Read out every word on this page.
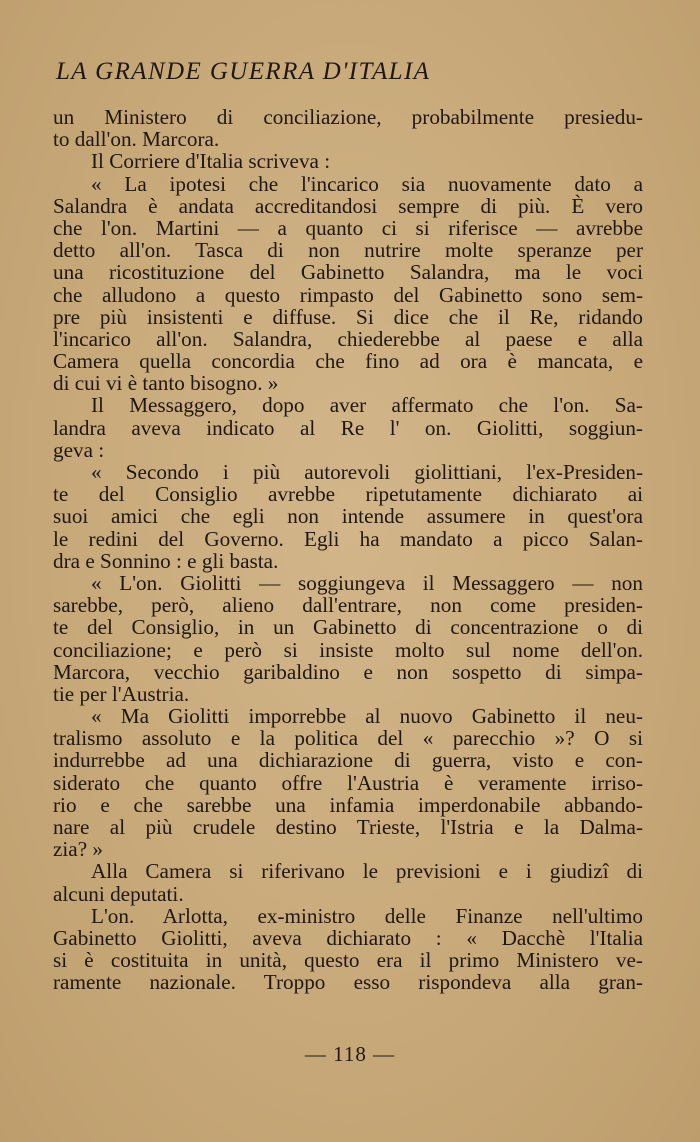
LA GRANDE GUERRA D'ITALIA
un Ministero di conciliazione, probabilmente presiedu-
to dall'on. Marcora.
Il Corriere d'Italia scriveva :
« La ipotesi che l'incarico sia nuovamente dato a
Salandra è andata accreditandosi sempre di più. È vero
che l'on. Martini — a quanto ci si riferisce — avrebbe
detto all'on. Tasca di non nutrire molte speranze per
una ricostituzione del Gabinetto Salandra, ma le voci
che alludono a questo rimpasto del Gabinetto sono sem-
pre più insistenti e diffuse. Si dice che il Re, ridando
l'incarico all'on. Salandra, chiederebbe al paese e alla
Camera quella concordia che fino ad ora è mancata, e
di cui vi è tanto bisogno. »
Il Messaggero, dopo aver affermato che l'on. Sa-
landra aveva indicato al Re l' on. Giolitti, soggiun-
geva :
« Secondo i più autorevoli giolittiani, l'ex-Presiden-
te del Consiglio avrebbe ripetutamente dichiarato ai
suoi amici che egli non intende assumere in quest'ora
le redini del Governo. Egli ha mandato a picco Salan-
dra e Sonnino : e gli basta.
« L'on. Giolitti — soggiungeva il Messaggero — non
sarebbe, però, alieno dall'entrare, non come presiden-
te del Consiglio, in un Gabinetto di concentrazione o di
conciliazione; e però si insiste molto sul nome dell'on.
Marcora, vecchio garibaldino e non sospetto di simpa-
tie per l'Austria.
« Ma Giolitti imporrebbe al nuovo Gabinetto il neu-
tralismo assoluto e la politica del « parecchio »? O si
indurrebbe ad una dichiarazione di guerra, visto e con-
siderato che quanto offre l'Austria è veramente irriso-
rio e che sarebbe una infamia imperdonabile abbando-
nare al più crudele destino Trieste, l'Istria e la Dalma-
zia? »
Alla Camera si riferivano le previsioni e i giudizî di
alcuni deputati.
L'on. Arlotta, ex-ministro delle Finanze nell'ultimo
Gabinetto Giolitti, aveva dichiarato : « Dacchè l'Italia
si è costituita in unità, questo era il primo Ministero ve-
ramente nazionale. Troppo esso rispondeva alla gran-
— 118 —
